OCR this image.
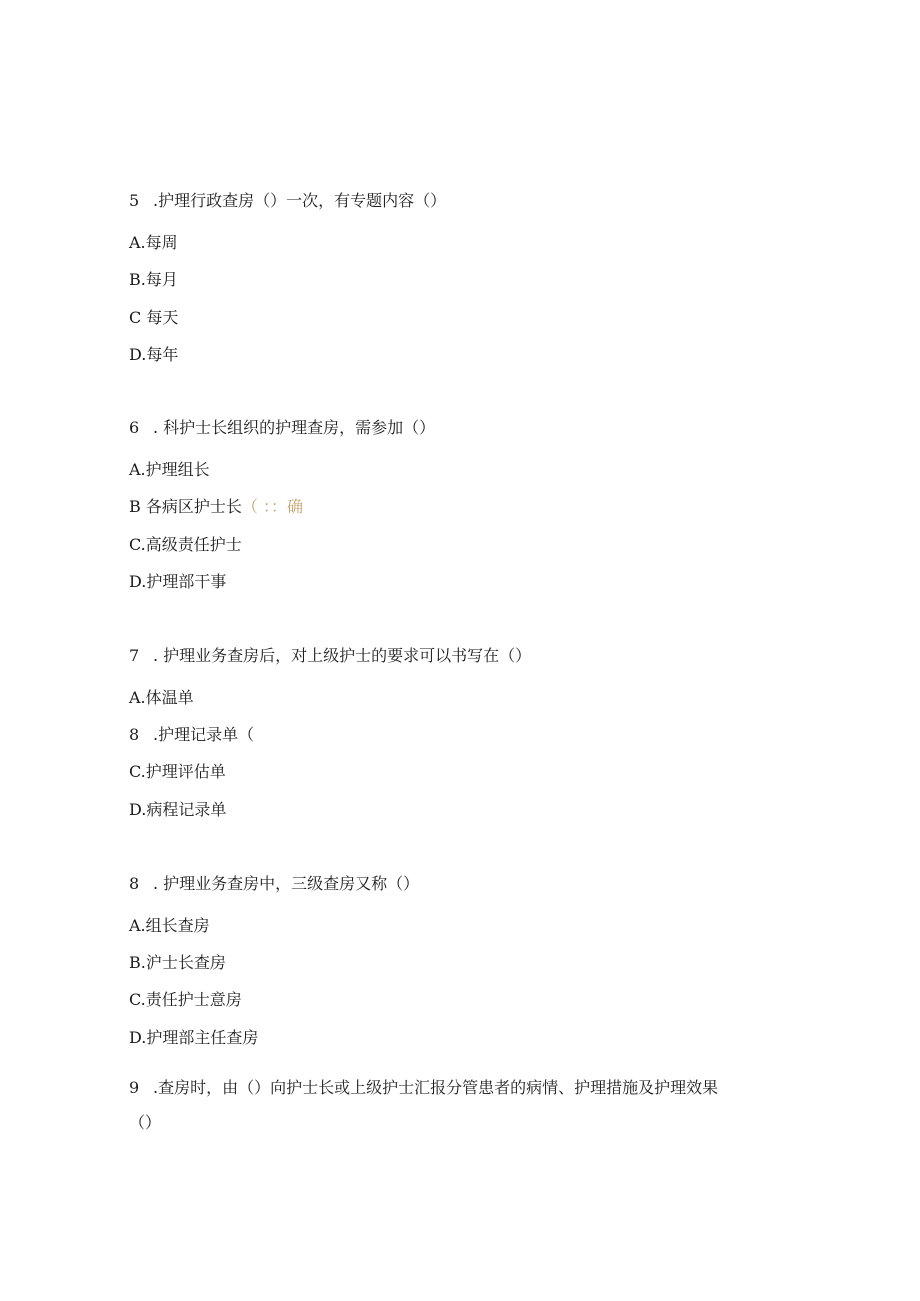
5 .护理行政查房（）一次，有专题内容（）
A.每周
B.每月
C 每天
D.每年
6 . 科护士长组织的护理查房，需参加（）
A.护理组长
B 各病区护士长（ ：：确
C.高级责任护士
D.护理部干事
7 . 护理业务查房后，对上级护士的要求可以书写在（）
A.体温单
8 .护理记录单（
C.护理评估单
D.病程记录单
8 . 护理业务查房中，三级查房又称（）
A.组长查房
B.沪士长查房
C.责任护士意房
D.护理部主任查房
9 .查房时，由（）向护士长或上级护士汇报分管患者的病情、护理措施及护理效果
（）
